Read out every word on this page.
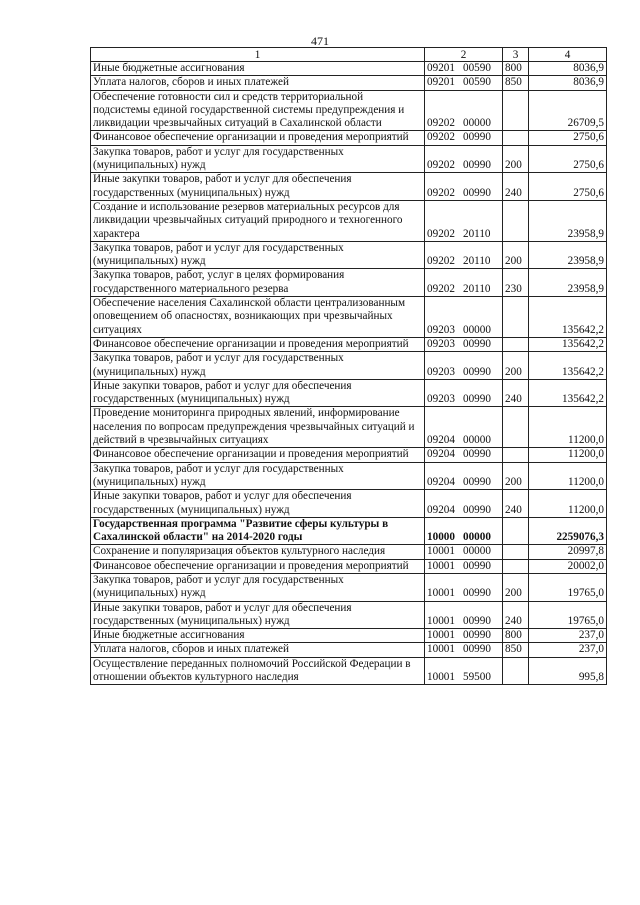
471
1	2	3	4
Иные бюджетные ассигнования	09201 00590	800	8036,9
Уплата налогов, сборов и иных платежей	09201 00590	850	8036,9
Обеспечение готовности сил и средств территориальной подсистемы единой государственной системы предупреждения и ликвидации чрезвычайных ситуаций в Сахалинской области	09202 00000		26709,5
Финансовое обеспечение организации и проведения мероприятий	09202 00990		2750,6
Закупка товаров, работ и услуг для государственных (муниципальных) нужд	09202 00990	200	2750,6
Иные закупки товаров, работ и услуг для обеспечения государственных (муниципальных) нужд	09202 00990	240	2750,6
Создание и использование резервов материальных ресурсов для ликвидации чрезвычайных ситуаций природного и техногенного характера	09202 20110		23958,9
Закупка товаров, работ и услуг для государственных (муниципальных) нужд	09202 20110	200	23958,9
Закупка товаров, работ, услуг в целях формирования государственного материального резерва	09202 20110	230	23958,9
Обеспечение населения Сахалинской области централизованным оповещением об опасностях, возникающих при чрезвычайных ситуациях	09203 00000		135642,2
Финансовое обеспечение организации и проведения мероприятий	09203 00990		135642,2
Закупка товаров, работ и услуг для государственных (муниципальных) нужд	09203 00990	200	135642,2
Иные закупки товаров, работ и услуг для обеспечения государственных (муниципальных) нужд	09203 00990	240	135642,2
Проведение мониторинга природных явлений, информирование населения по вопросам предупреждения чрезвычайных ситуаций и действий в чрезвычайных ситуациях	09204 00000		11200,0
Финансовое обеспечение организации и проведения мероприятий	09204 00990		11200,0
Закупка товаров, работ и услуг для государственных (муниципальных) нужд	09204 00990	200	11200,0
Иные закупки товаров, работ и услуг для обеспечения государственных (муниципальных) нужд	09204 00990	240	11200,0
Государственная программа "Развитие сферы культуры в Сахалинской области" на 2014-2020 годы	10000 00000		2259076,3
Сохранение и популяризация объектов культурного наследия	10001 00000		20997,8
Финансовое обеспечение организации и проведения мероприятий	10001 00990		20002,0
Закупка товаров, работ и услуг для государственных (муниципальных) нужд	10001 00990	200	19765,0
Иные закупки товаров, работ и услуг для обеспечения государственных (муниципальных) нужд	10001 00990	240	19765,0
Иные бюджетные ассигнования	10001 00990	800	237,0
Уплата налогов, сборов и иных платежей	10001 00990	850	237,0
Осуществление переданных полномочий Российской Федерации в отношении объектов культурного наследия	10001 59500		995,8
